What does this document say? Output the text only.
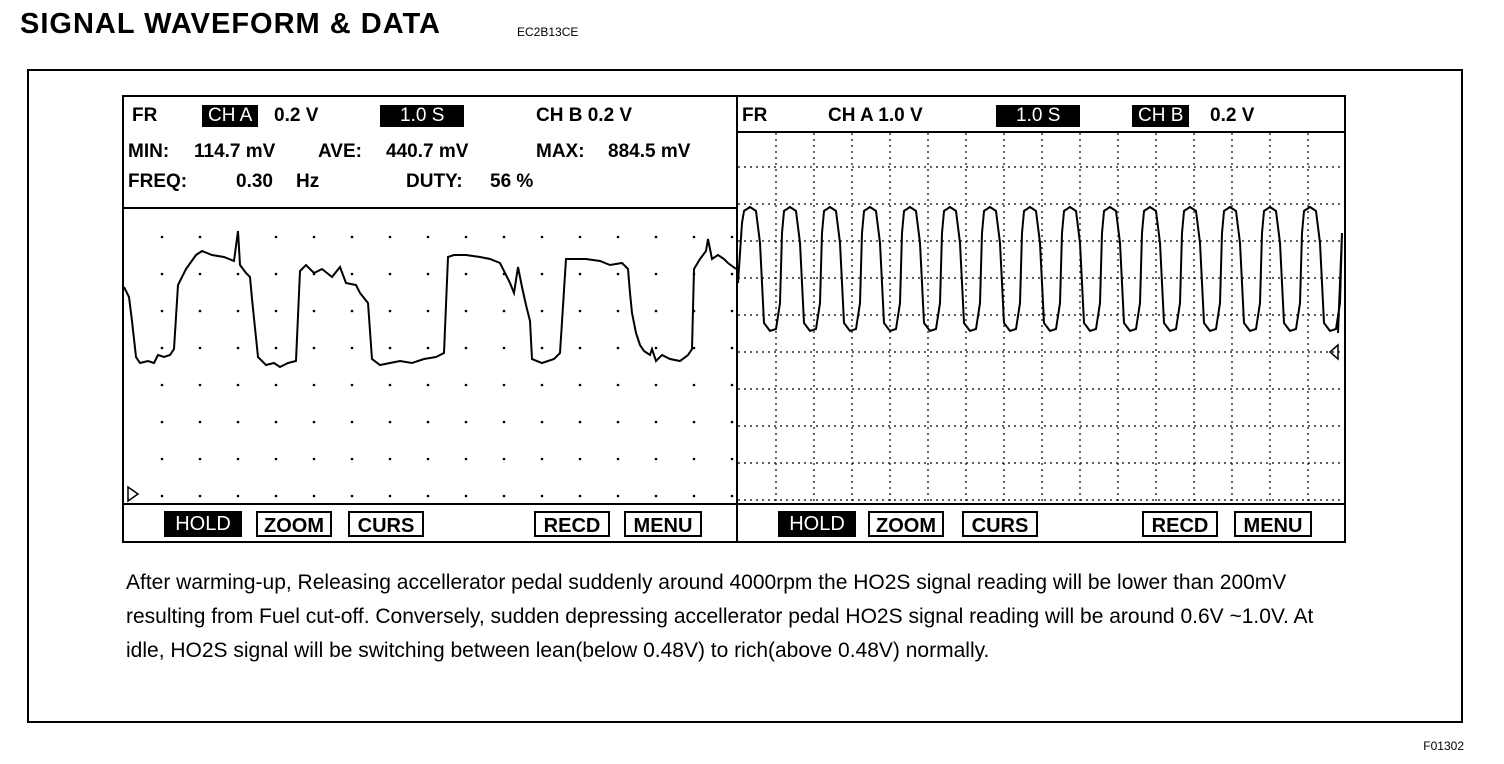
SIGNAL WAVEFORM & DATA	EC2B13CE
FR	CH A	0.2 V	1.0 S	CH B 0.2 V
MIN: 114.7 mV AVE: 440.7 mV	MAX: 884.5 mV
FREQ:	0.30 Hz	DUTY: 56 %
HOLD	ZOOM	CURS	RECD	MENU
FR	CH A 1.0 V	1.0 S	CH B	0.2 V
HOLD	ZOOM	CURS	RECD	MENU
After warming-up, Releasing accellerator pedal suddenly around 4000rpm the HO2S signal reading will be lower than 200mV resulting from Fuel cut-off. Conversely, sudden depressing accellerator pedal HO2S signal reading will be around 0.6V ~1.0V. At idle, HO2S signal will be switching between lean(below 0.48V) to rich(above 0.48V) normally.
F01302
